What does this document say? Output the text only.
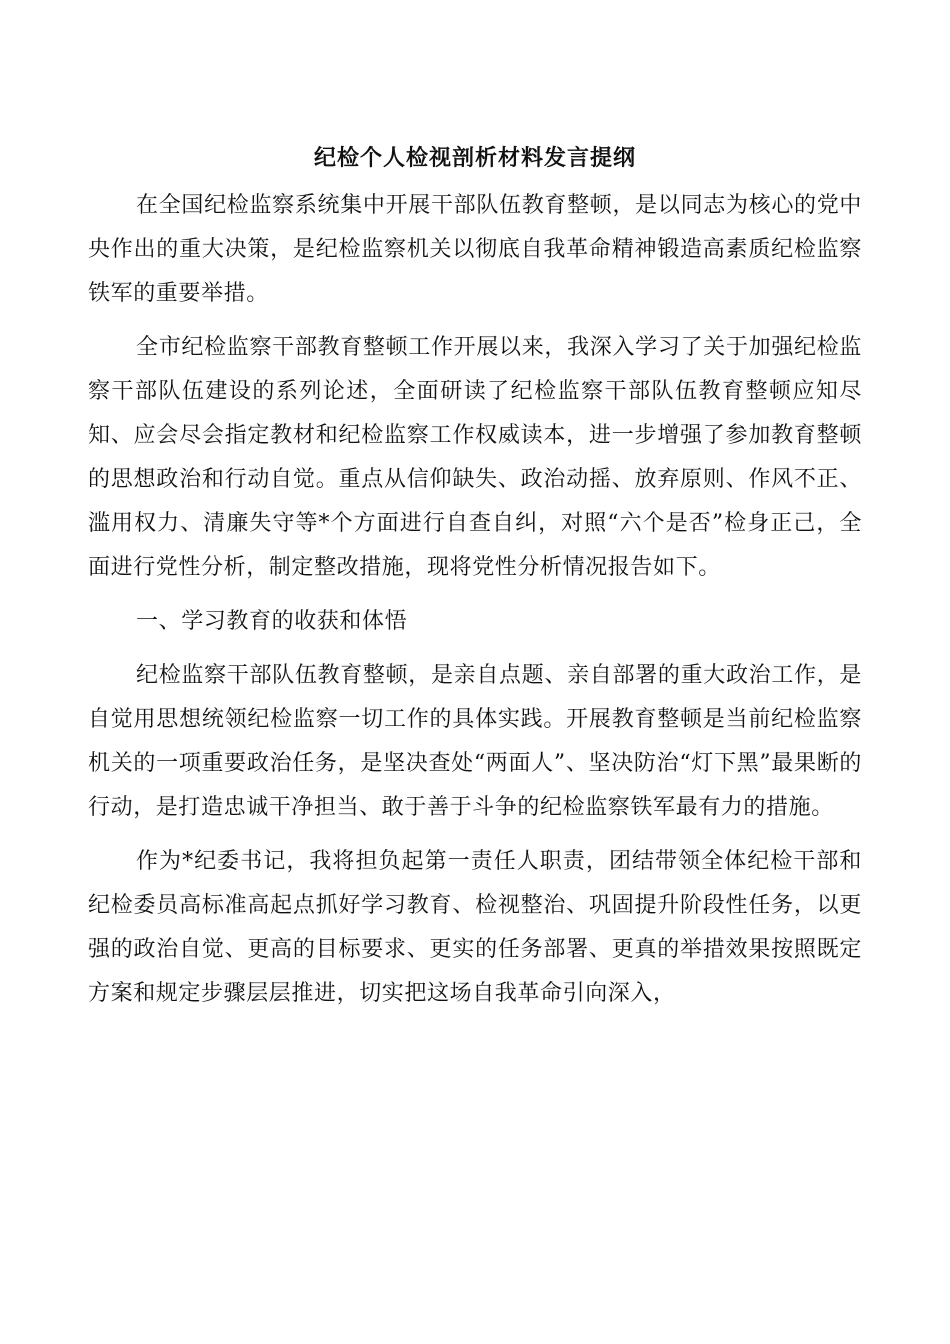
纪检个人检视剖析材料发言提纲

在全国纪检监察系统集中开展干部队伍教育整顿，是以同志为核心的党中央作出的重大决策，是纪检监察机关以彻底自我革命精神锻造高素质纪检监察铁军的重要举措。

全市纪检监察干部教育整顿工作开展以来，我深入学习了关于加强纪检监察干部队伍建设的系列论述，全面研读了纪检监察干部队伍教育整顿应知尽知、应会尽会指定教材和纪检监察工作权威读本，进一步增强了参加教育整顿的思想政治和行动自觉。重点从信仰缺失、政治动摇、放弃原则、作风不正、滥用权力、清廉失守等*个方面进行自查自纠，对照“六个是否”检身正己，全面进行党性分析，制定整改措施，现将党性分析情况报告如下。

一、学习教育的收获和体悟

纪检监察干部队伍教育整顿，是亲自点题、亲自部署的重大政治工作，是自觉用思想统领纪检监察一切工作的具体实践。开展教育整顿是当前纪检监察机关的一项重要政治任务，是坚决查处“两面人”、坚决防治“灯下黑”最果断的行动，是打造忠诚干净担当、敢于善于斗争的纪检监察铁军最有力的措施。

作为*纪委书记，我将担负起第一责任人职责，团结带领全体纪检干部和纪检委员高标准高起点抓好学习教育、检视整治、巩固提升阶段性任务，以更强的政治自觉、更高的目标要求、更实的任务部署、更真的举措效果按照既定方案和规定步骤层层推进，切实把这场自我革命引向深入，
